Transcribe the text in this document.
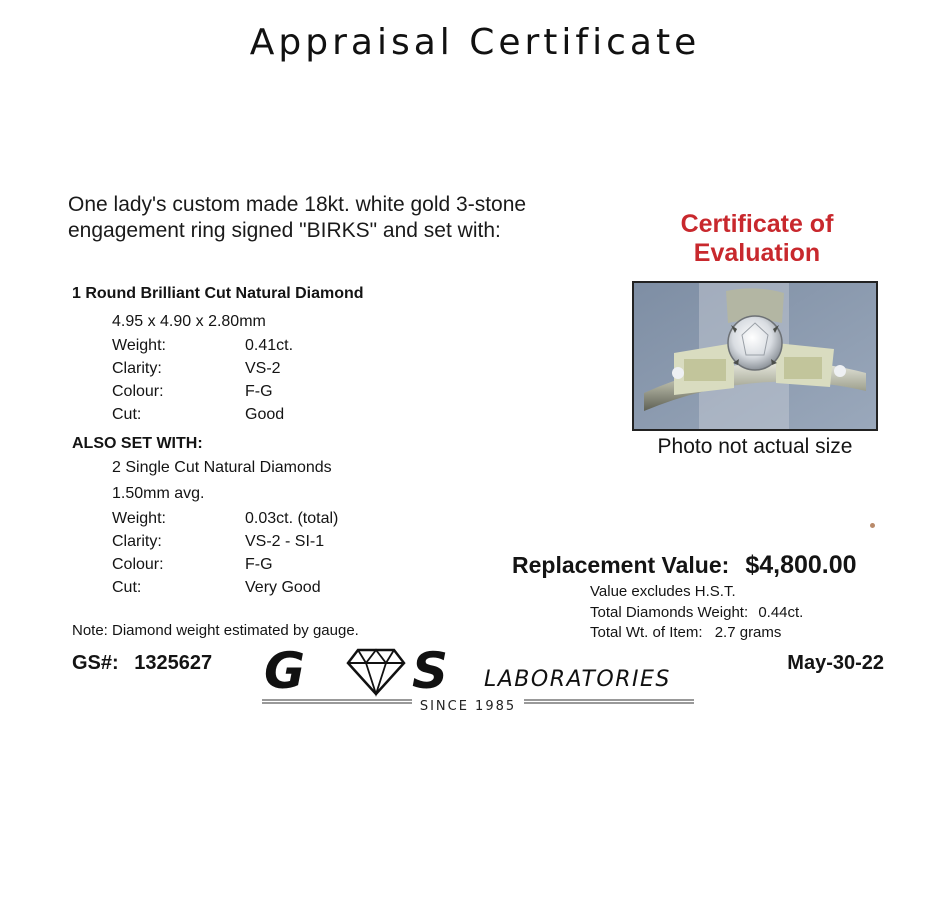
Appraisal Certificate
One lady's custom made 18kt. white gold 3-stone
engagement ring signed "BIRKS" and set with:
1 Round Brilliant Cut Natural Diamond
4.95 x 4.90 x 2.80mm
Weight:	0.41ct.
Clarity:	VS-2
Colour:	F-G
Cut:	Good
ALSO SET WITH:
2 Single Cut Natural Diamonds
1.50mm avg.
Weight:	0.03ct. (total)
Clarity:	VS-2 - SI-1
Colour:	F-G
Cut:	Very Good
Note: Diamond weight estimated by gauge.
Certificate of
Evaluation
Photo not actual size
Replacement Value: $4,800.00
Value excludes H.S.T.
Total Diamonds Weight: 0.44ct.
Total Wt. of Item: 2.7 grams
GS#: 1325627 G S LABORATORIES
SINCE 1985
May-30-22
